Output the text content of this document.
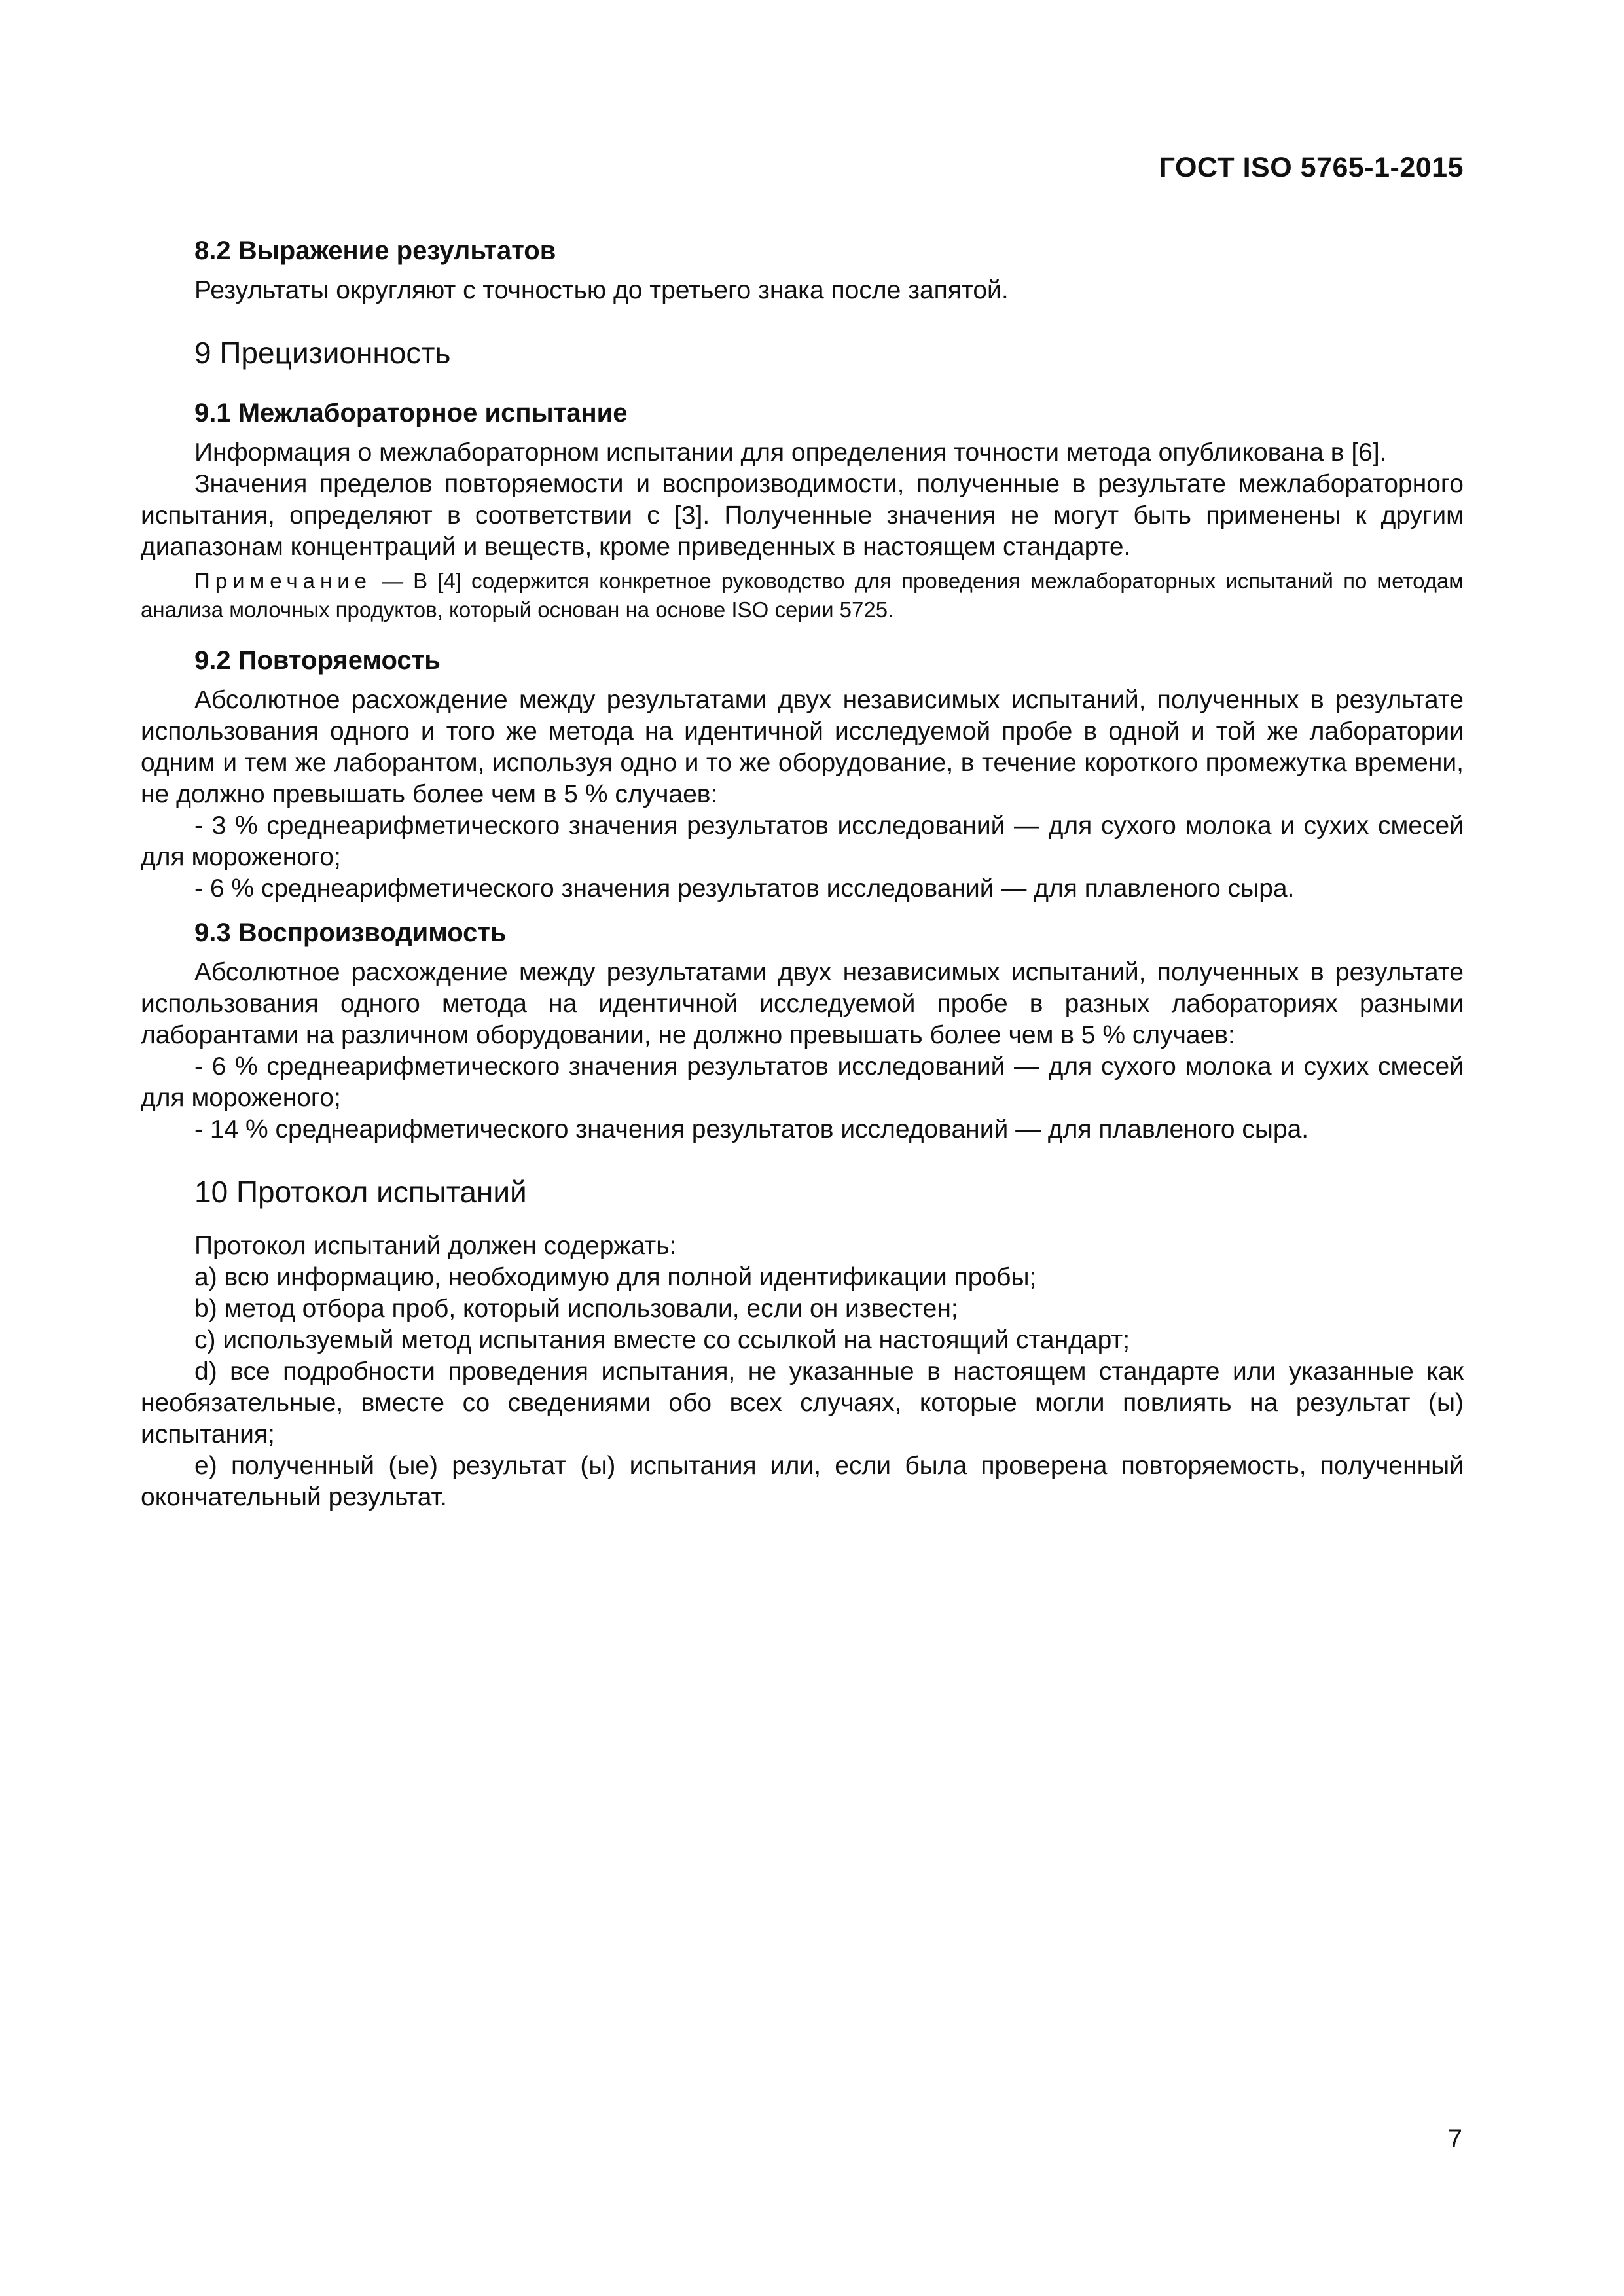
ГОСТ ISO 5765-1-2015
8.2 Выражение результатов
Результаты округляют с точностью до третьего знака после запятой.
9 Прецизионность
9.1 Межлабораторное испытание
Информация о межлабораторном испытании для определения точности метода опубликована в [6].
Значения пределов повторяемости и воспроизводимости, полученные в результате межлабораторного испытания, определяют в соответствии с [3]. Полученные значения не могут быть применены к другим диапазонам концентраций и веществ, кроме приведенных в настоящем стандарте.
Примечание — В [4] содержится конкретное руководство для проведения межлабораторных испытаний по методам анализа молочных продуктов, который основан на основе ISO серии 5725.
9.2 Повторяемость
Абсолютное расхождение между результатами двух независимых испытаний, полученных в результате использования одного и того же метода на идентичной исследуемой пробе в одной и той же лаборатории одним и тем же лаборантом, используя одно и то же оборудование, в течение короткого промежутка времени, не должно превышать более чем в 5 % случаев:
- 3 % среднеарифметического значения результатов исследований — для сухого молока и сухих смесей для мороженого;
- 6 % среднеарифметического значения результатов исследований — для плавленого сыра.
9.3 Воспроизводимость
Абсолютное расхождение между результатами двух независимых испытаний, полученных в результате использования одного метода на идентичной исследуемой пробе в разных лабораториях разными лаборантами на различном оборудовании, не должно превышать более чем в 5 % случаев:
- 6 % среднеарифметического значения результатов исследований — для сухого молока и сухих смесей для мороженого;
- 14 % среднеарифметического значения результатов исследований — для плавленого сыра.
10 Протокол испытаний
Протокол испытаний должен содержать:
a) всю информацию, необходимую для полной идентификации пробы;
b) метод отбора проб, который использовали, если он известен;
c) используемый метод испытания вместе со ссылкой на настоящий стандарт;
d) все подробности проведения испытания, не указанные в настоящем стандарте или указанные как необязательные, вместе со сведениями обо всех случаях, которые могли повлиять на результат (ы) испытания;
e) полученный (ые) результат (ы) испытания или, если была проверена повторяемость, полученный окончательный результат.
7
